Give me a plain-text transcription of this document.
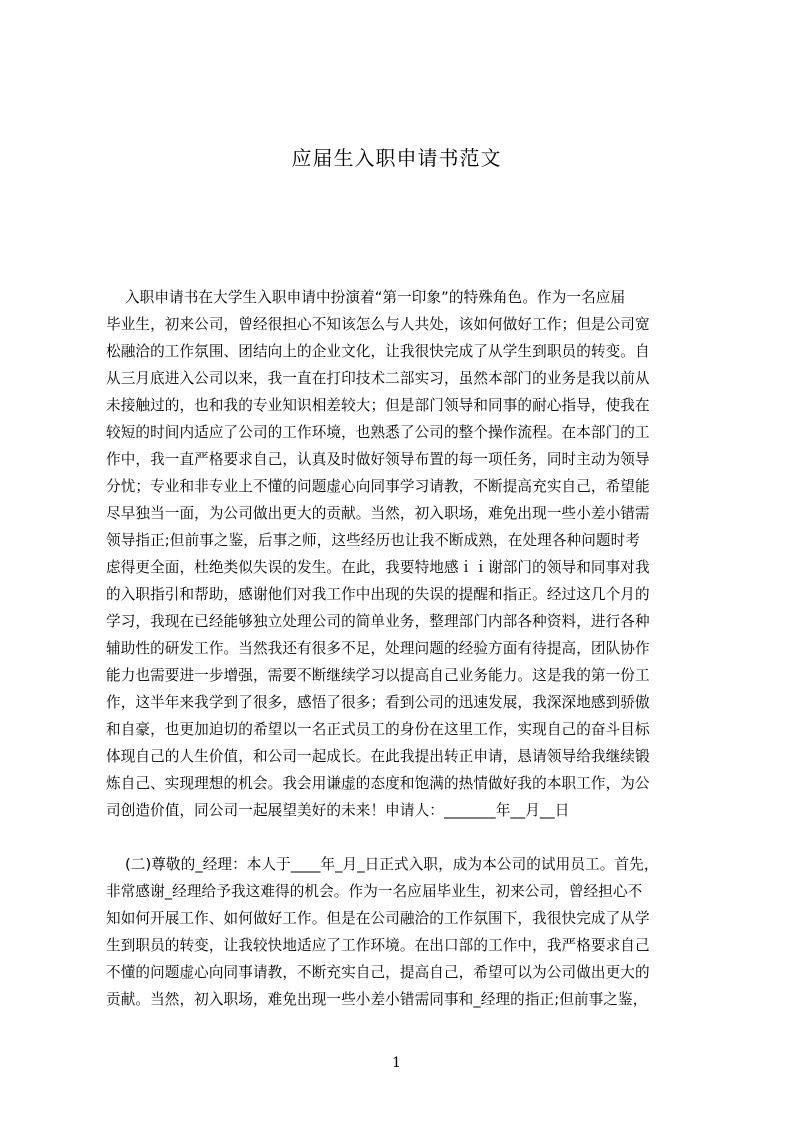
应届生入职申请书范文
入职申请书在大学生入职申请中扮演着“第一印象”的特殊角色。作为一名应届
毕业生，初来公司，曾经很担心不知该怎么与人共处，该如何做好工作；但是公司宽
松融洽的工作氛围、团结向上的企业文化，让我很快完成了从学生到职员的转变。自
从三月底进入公司以来，我一直在打印技术二部实习，虽然本部门的业务是我以前从
未接触过的，也和我的专业知识相差较大；但是部门领导和同事的耐心指导，使我在
较短的时间内适应了公司的工作环境，也熟悉了公司的整个操作流程。在本部门的工
作中，我一直严格要求自己，认真及时做好领导布置的每一项任务，同时主动为领导
分忧；专业和非专业上不懂的问题虚心向同事学习请教，不断提高充实自己，希望能
尽早独当一面，为公司做出更大的贡献。当然，初入职场，难免出现一些小差小错需
领导指正;但前事之鉴，后事之师，这些经历也让我不断成熟，在处理各种问题时考
虑得更全面，杜绝类似失误的发生。在此，我要特地感ｉｉ谢部门的领导和同事对我
的入职指引和帮助，感谢他们对我工作中出现的失误的提醒和指正。经过这几个月的
学习，我现在已经能够独立处理公司的简单业务，整理部门内部各种资料，进行各种
辅助性的研发工作。当然我还有很多不足，处理问题的经验方面有待提高，团队协作
能力也需要进一步增强，需要不断继续学习以提高自己业务能力。这是我的第一份工
作，这半年来我学到了很多，感悟了很多；看到公司的迅速发展，我深深地感到骄傲
和自豪，也更加迫切的希望以一名正式员工的身份在这里工作，实现自己的奋斗目标
体现自己的人生价值，和公司一起成长。在此我提出转正申请，恳请领导给我继续锻
炼自己、实现理想的机会。我会用谦虚的态度和饱满的热情做好我的本职工作，为公
司创造价值，同公司一起展望美好的未来！申请人：_______年__月__日
(二)尊敬的_经理：本人于____年_月_日正式入职，成为本公司的试用员工。首先，
非常感谢_经理给予我这难得的机会。作为一名应届毕业生，初来公司，曾经担心不
知如何开展工作、如何做好工作。但是在公司融洽的工作氛围下，我很快完成了从学
生到职员的转变，让我较快地适应了工作环境。在出口部的工作中，我严格要求自己
不懂的问题虚心向同事请教，不断充实自己，提高自己，希望可以为公司做出更大的
贡献。当然，初入职场，难免出现一些小差小错需同事和_经理的指正;但前事之鉴，
1
